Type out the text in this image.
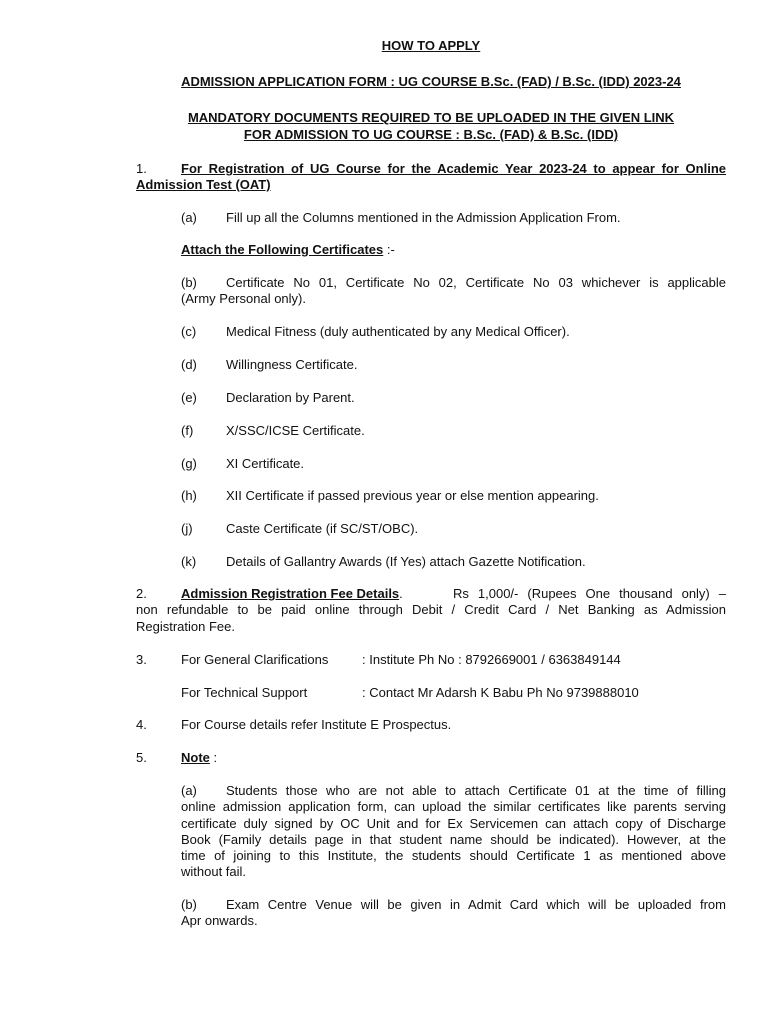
HOW TO APPLY
ADMISSION APPLICATION FORM : UG COURSE B.Sc. (FAD) / B.Sc. (IDD) 2023-24
MANDATORY DOCUMENTS REQUIRED TO BE UPLOADED IN THE GIVEN LINK
FOR ADMISSION TO UG COURSE : B.Sc. (FAD) & B.Sc. (IDD)
1.	For Registration of UG Course for the Academic Year 2023-24 to appear for Online
Admission Test (OAT)
(a) Fill up all the Columns mentioned in the Admission Application From.
Attach the Following Certificates :-
(b) Certificate No 01, Certificate No 02, Certificate No 03 whichever is applicable
(Army Personal only).
(c) Medical Fitness (duly authenticated by any Medical Officer).
(d) Willingness Certificate.
(e) Declaration by Parent.
(f)	X/SSC/ICSE Certificate.
(g) XI Certificate.
(h) XII Certificate if passed previous year or else mention appearing.
(j)	Caste Certificate (if SC/ST/OBC).
(k) Details of Gallantry Awards (If Yes) attach Gazette Notification.
2.	Admission Registration Fee Details.	Rs 1,000/- (Rupees One thousand only) –
non refundable to be paid online through Debit / Credit Card / Net Banking as Admission
Registration Fee.
3.	For General Clarifications	: Institute Ph No : 8792669001 / 6363849144
For Technical Support	: Contact Mr Adarsh K Babu Ph No 9739888010
4.	For Course details refer Institute E Prospectus.
5.	Note :
(a) Students those who are not able to attach Certificate 01 at the time of filling
online admission application form, can upload the similar certificates like parents serving
certificate duly signed by OC Unit and for Ex Servicemen can attach copy of Discharge
Book (Family details page in that student name should be indicated). However, at the
time of joining to this Institute, the students should Certificate 1 as mentioned above
without fail.
(b) Exam Centre Venue will be given in Admit Card which will be uploaded from
Apr onwards.
